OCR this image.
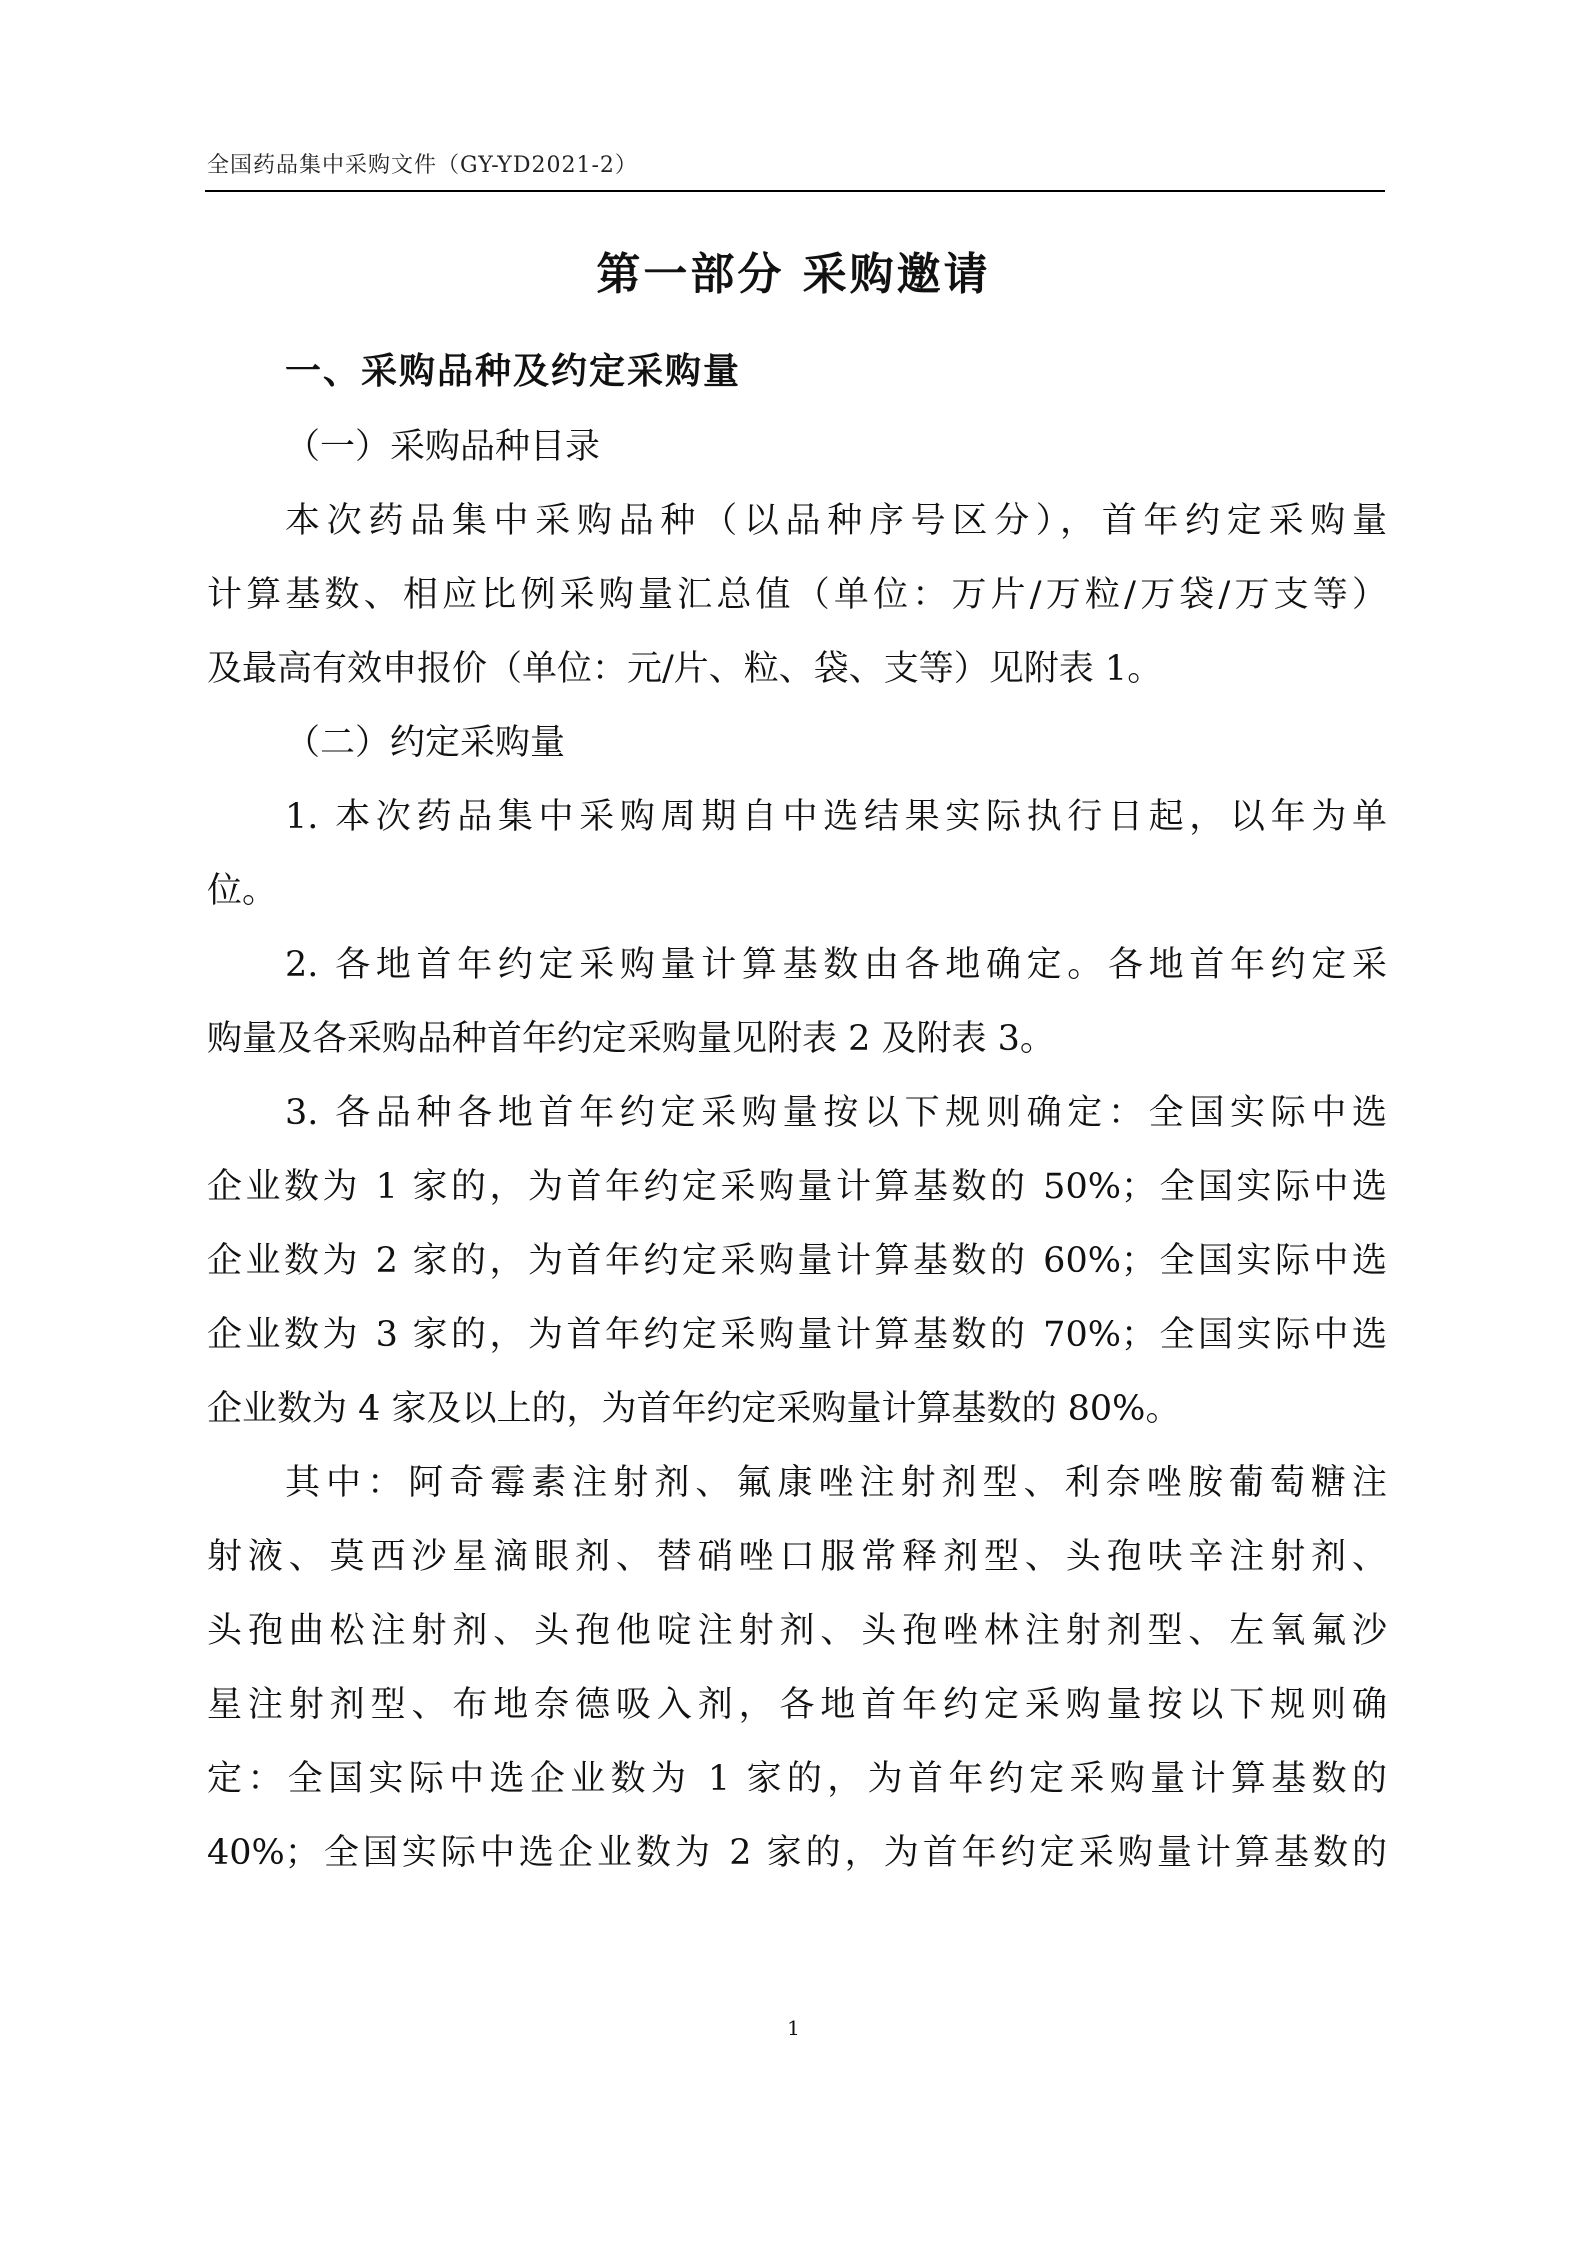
全国药品集中采购文件（GY-YD2021-2）
第一部分 采购邀请
一、采购品种及约定采购量
（一）采购品种目录
本次药品集中采购品种（以品种序号区分），首年约定采购量
计算基数、相应比例采购量汇总值（单位：万片/万粒/万袋/万支等）
及最高有效申报价（单位：元/片、粒、袋、支等）见附表 1。
（二）约定采购量
1. 本次药品集中采购周期自中选结果实际执行日起，以年为单
位。
2. 各地首年约定采购量计算基数由各地确定。各地首年约定采
购量及各采购品种首年约定采购量见附表 2 及附表 3。
3. 各品种各地首年约定采购量按以下规则确定：全国实际中选
企业数为 1 家的，为首年约定采购量计算基数的 50%；全国实际中选
企业数为 2 家的，为首年约定采购量计算基数的 60%；全国实际中选
企业数为 3 家的，为首年约定采购量计算基数的 70%；全国实际中选
企业数为 4 家及以上的，为首年约定采购量计算基数的 80%。
其中：阿奇霉素注射剂、氟康唑注射剂型、利奈唑胺葡萄糖注
射液、莫西沙星滴眼剂、替硝唑口服常释剂型、头孢呋辛注射剂、
头孢曲松注射剂、头孢他啶注射剂、头孢唑林注射剂型、左氧氟沙
星注射剂型、布地奈德吸入剂，各地首年约定采购量按以下规则确
定：全国实际中选企业数为 1 家的，为首年约定采购量计算基数的
40%；全国实际中选企业数为 2 家的，为首年约定采购量计算基数的
1
